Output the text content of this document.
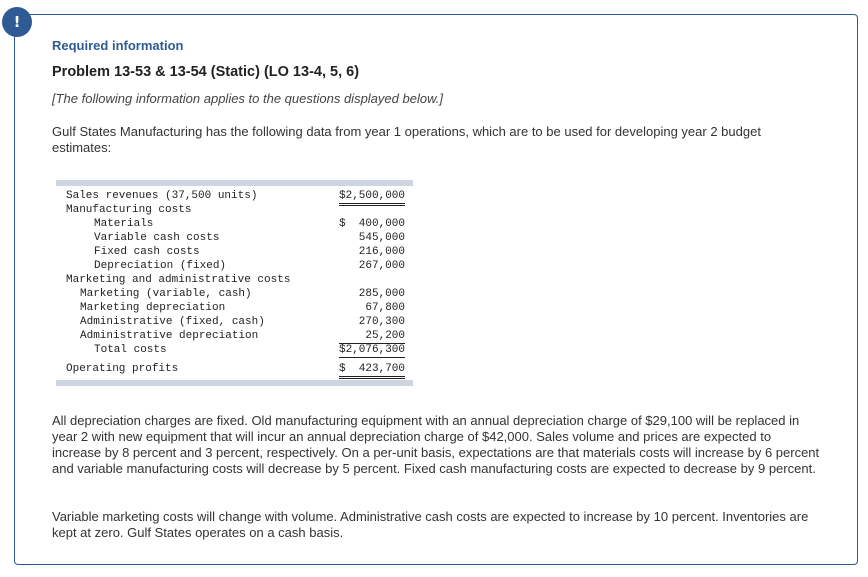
!
Required information
Problem 13-53 & 13-54 (Static) (LO 13-4, 5, 6)
[The following information applies to the questions displayed below.]
Gulf States Manufacturing has the following data from year 1 operations, which are to be used for developing year 2 budget estimates:
Sales revenues (37,500 units)	$2,500,000
Manufacturing costs
Materials	$  400,000
Variable cash costs	545,000
Fixed cash costs	216,000
Depreciation (fixed)	267,000
Marketing and administrative costs
Marketing (variable, cash)	285,000
Marketing depreciation	67,800
Administrative (fixed, cash)	270,300
Administrative depreciation	25,200
Total costs	$2,076,300
Operating profits	$  423,700
All depreciation charges are fixed. Old manufacturing equipment with an annual depreciation charge of $29,100 will be replaced in year 2 with new equipment that will incur an annual depreciation charge of $42,000. Sales volume and prices are expected to increase by 8 percent and 3 percent, respectively. On a per-unit basis, expectations are that materials costs will increase by 6 percent and variable manufacturing costs will decrease by 5 percent. Fixed cash manufacturing costs are expected to decrease by 9 percent.
Variable marketing costs will change with volume. Administrative cash costs are expected to increase by 10 percent. Inventories are kept at zero. Gulf States operates on a cash basis.
